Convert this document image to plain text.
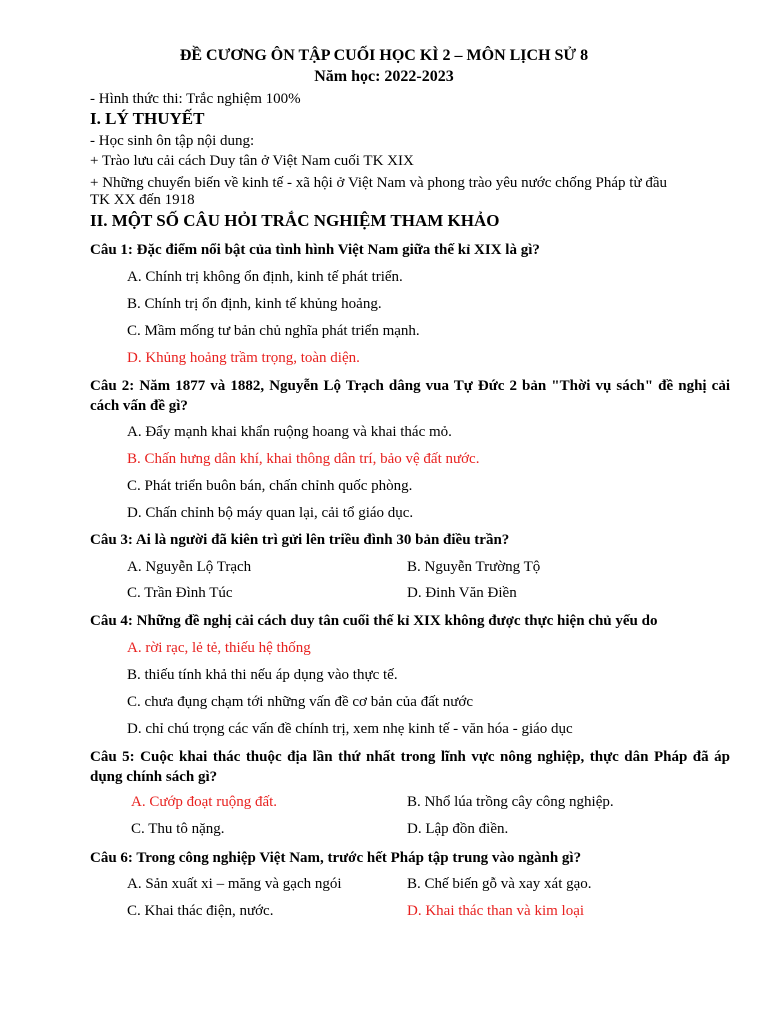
ĐỀ CƯƠNG ÔN TẬP CUỐI HỌC KÌ 2 – MÔN LỊCH SỬ 8
Năm học: 2022-2023
- Hình thức thi: Trắc nghiệm 100%
I. LÝ THUYẾT
- Học sinh ôn tập nội dung:
+ Trào lưu cải cách Duy tân ở Việt Nam cuối TK XIX
+ Những chuyển biến về kinh tế - xã hội ở Việt Nam và phong trào yêu nước chống Pháp từ đầu
TK XX đến 1918
II. MỘT SỐ CÂU HỎI TRẮC NGHIỆM THAM KHẢO
Câu 1: Đặc điểm nổi bật của tình hình Việt Nam giữa thế kỉ XIX là gì?
A. Chính trị không ổn định, kinh tế phát triển.
B. Chính trị ổn định, kinh tế khủng hoảng.
C. Mầm mống tư bản chủ nghĩa phát triển mạnh.
D. Khủng hoảng trầm trọng, toàn diện.
Câu 2: Năm 1877 và 1882, Nguyễn Lộ Trạch dâng vua Tự Đức 2 bản "Thời vụ sách" đề nghị cải cách vấn đề gì?
A. Đẩy mạnh khai khẩn ruộng hoang và khai thác mỏ.
B. Chấn hưng dân khí, khai thông dân trí, bảo vệ đất nước.
C. Phát triển buôn bán, chấn chỉnh quốc phòng.
D. Chấn chỉnh bộ máy quan lại, cải tổ giáo dục.
Câu 3: Ai là người đã kiên trì gửi lên triều đình 30 bản điều trần?
A. Nguyễn Lộ Trạch	B. Nguyễn Trường Tộ
C. Trần Đình Túc	D. Đinh Văn Điền
Câu 4: Những đề nghị cải cách duy tân cuối thế kỉ XIX không được thực hiện chủ yếu do
A. rời rạc, lẻ tẻ, thiếu hệ thống
B. thiếu tính khả thi nếu áp dụng vào thực tế.
C. chưa đụng chạm tới những vấn đề cơ bản của đất nước
D. chỉ chú trọng các vấn đề chính trị, xem nhẹ kinh tế - văn hóa - giáo dục
Câu 5: Cuộc khai thác thuộc địa lần thứ nhất trong lĩnh vực nông nghiệp, thực dân Pháp đã áp dụng chính sách gì?
A. Cướp đoạt ruộng đất.	B. Nhổ lúa trồng cây công nghiệp.
C. Thu tô nặng.	D. Lập đồn điền.
Câu 6: Trong công nghiệp Việt Nam, trước hết Pháp tập trung vào ngành gì?
A. Sản xuất xi – măng và gạch ngói	B. Chế biến gỗ và xay xát gạo.
C. Khai thác điện, nước.	D. Khai thác than và kim loại
